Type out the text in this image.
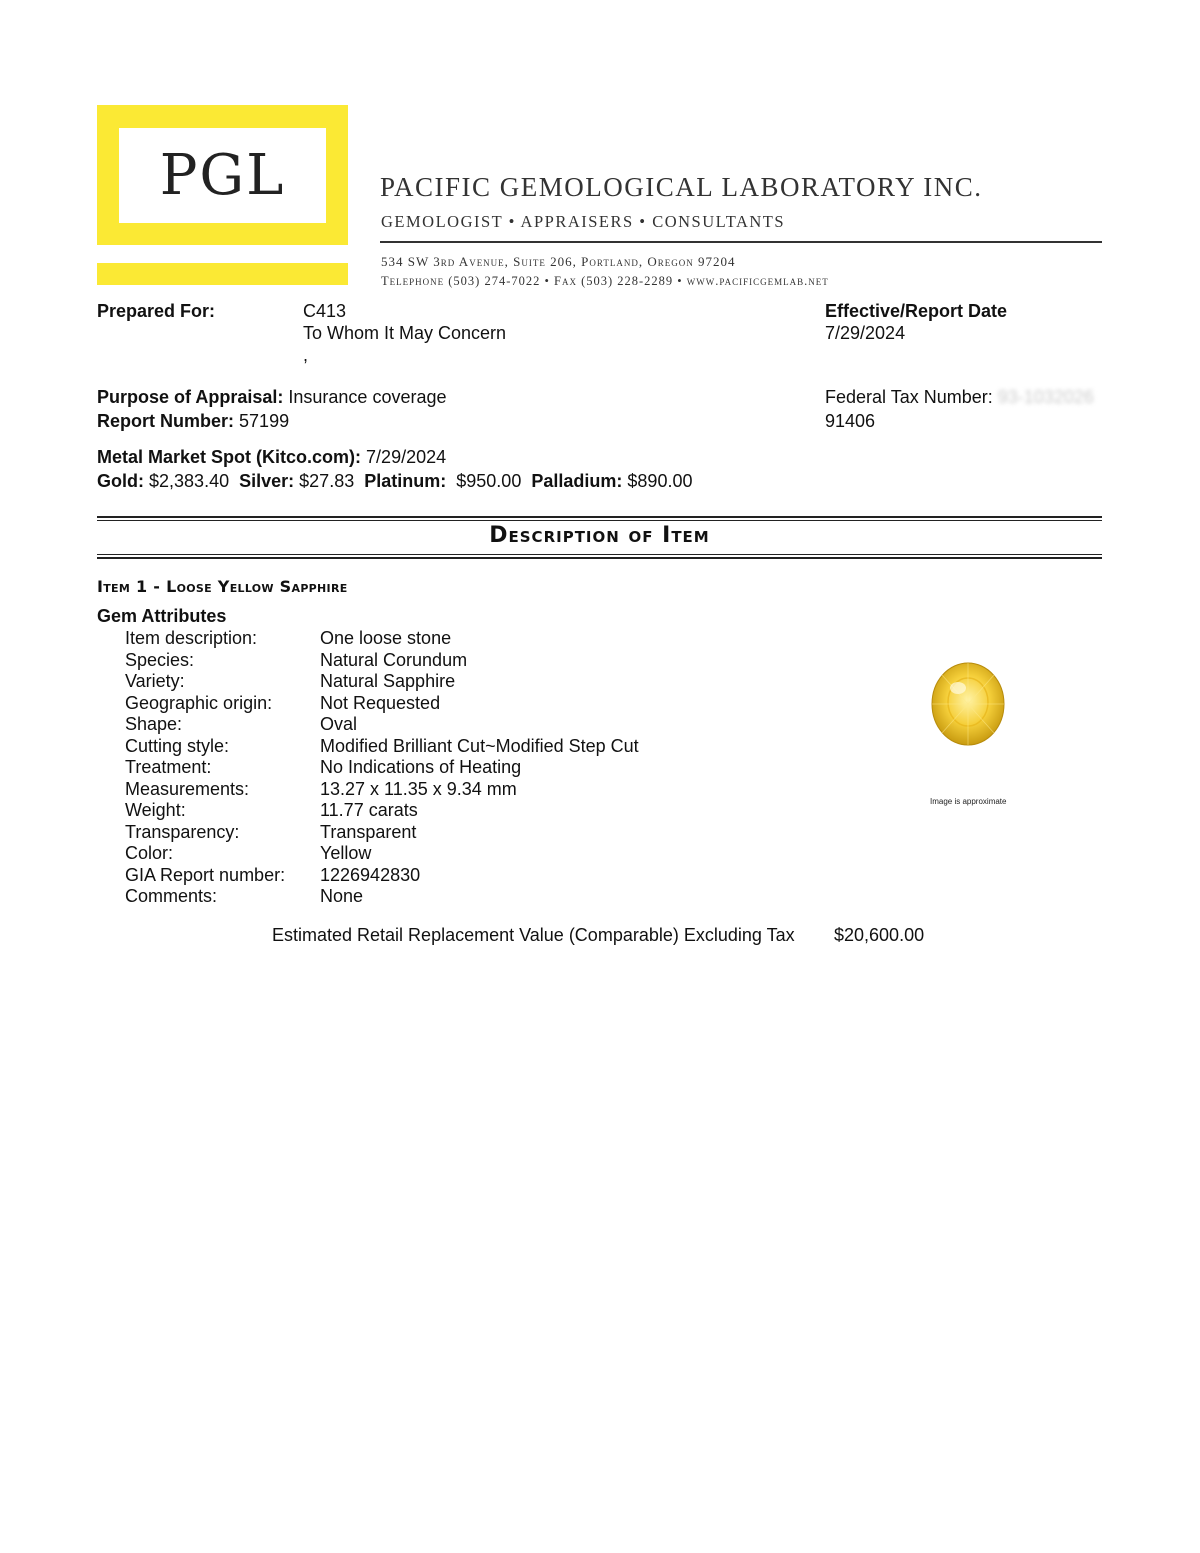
PGL	PACIFIC GEMOLOGICAL LABORATORY INC.
GEMOLOGIST • APPRAISERS • CONSULTANTS
534 SW 3rd Avenue, Suite 206, Portland, Oregon 97204
Telephone (503) 274-7022 • Fax (503) 228-2289 • www.pacificgemlab.net
Prepared For:	C413
To Whom It May Concern
,
Effective/Report Date
7/29/2024
Purpose of Appraisal: Insurance coverage
Report Number: 57199
Federal Tax Number: 93-1032026
91406
Metal Market Spot (Kitco.com): 7/29/2024
Gold: $2,383.40 Silver: $27.83 Platinum: $950.00 Palladium: $890.00
Description of Item
Item 1 - Loose Yellow Sapphire
Gem Attributes
Item description:	One loose stone
Species:	Natural Corundum
Variety:	Natural Sapphire
Geographic origin:	Not Requested
Shape:	Oval
Cutting style:	Modified Brilliant Cut~Modified Step Cut
Treatment:	No Indications of Heating
Measurements:	13.27 x 11.35 x 9.34 mm
Weight:	11.77 carats
Transparency:	Transparent
Color:	Yellow
GIA Report number: 1226942830
Comments:	None
Image is approximate
Estimated Retail Replacement Value (Comparable) Excluding Tax $20,600.00
